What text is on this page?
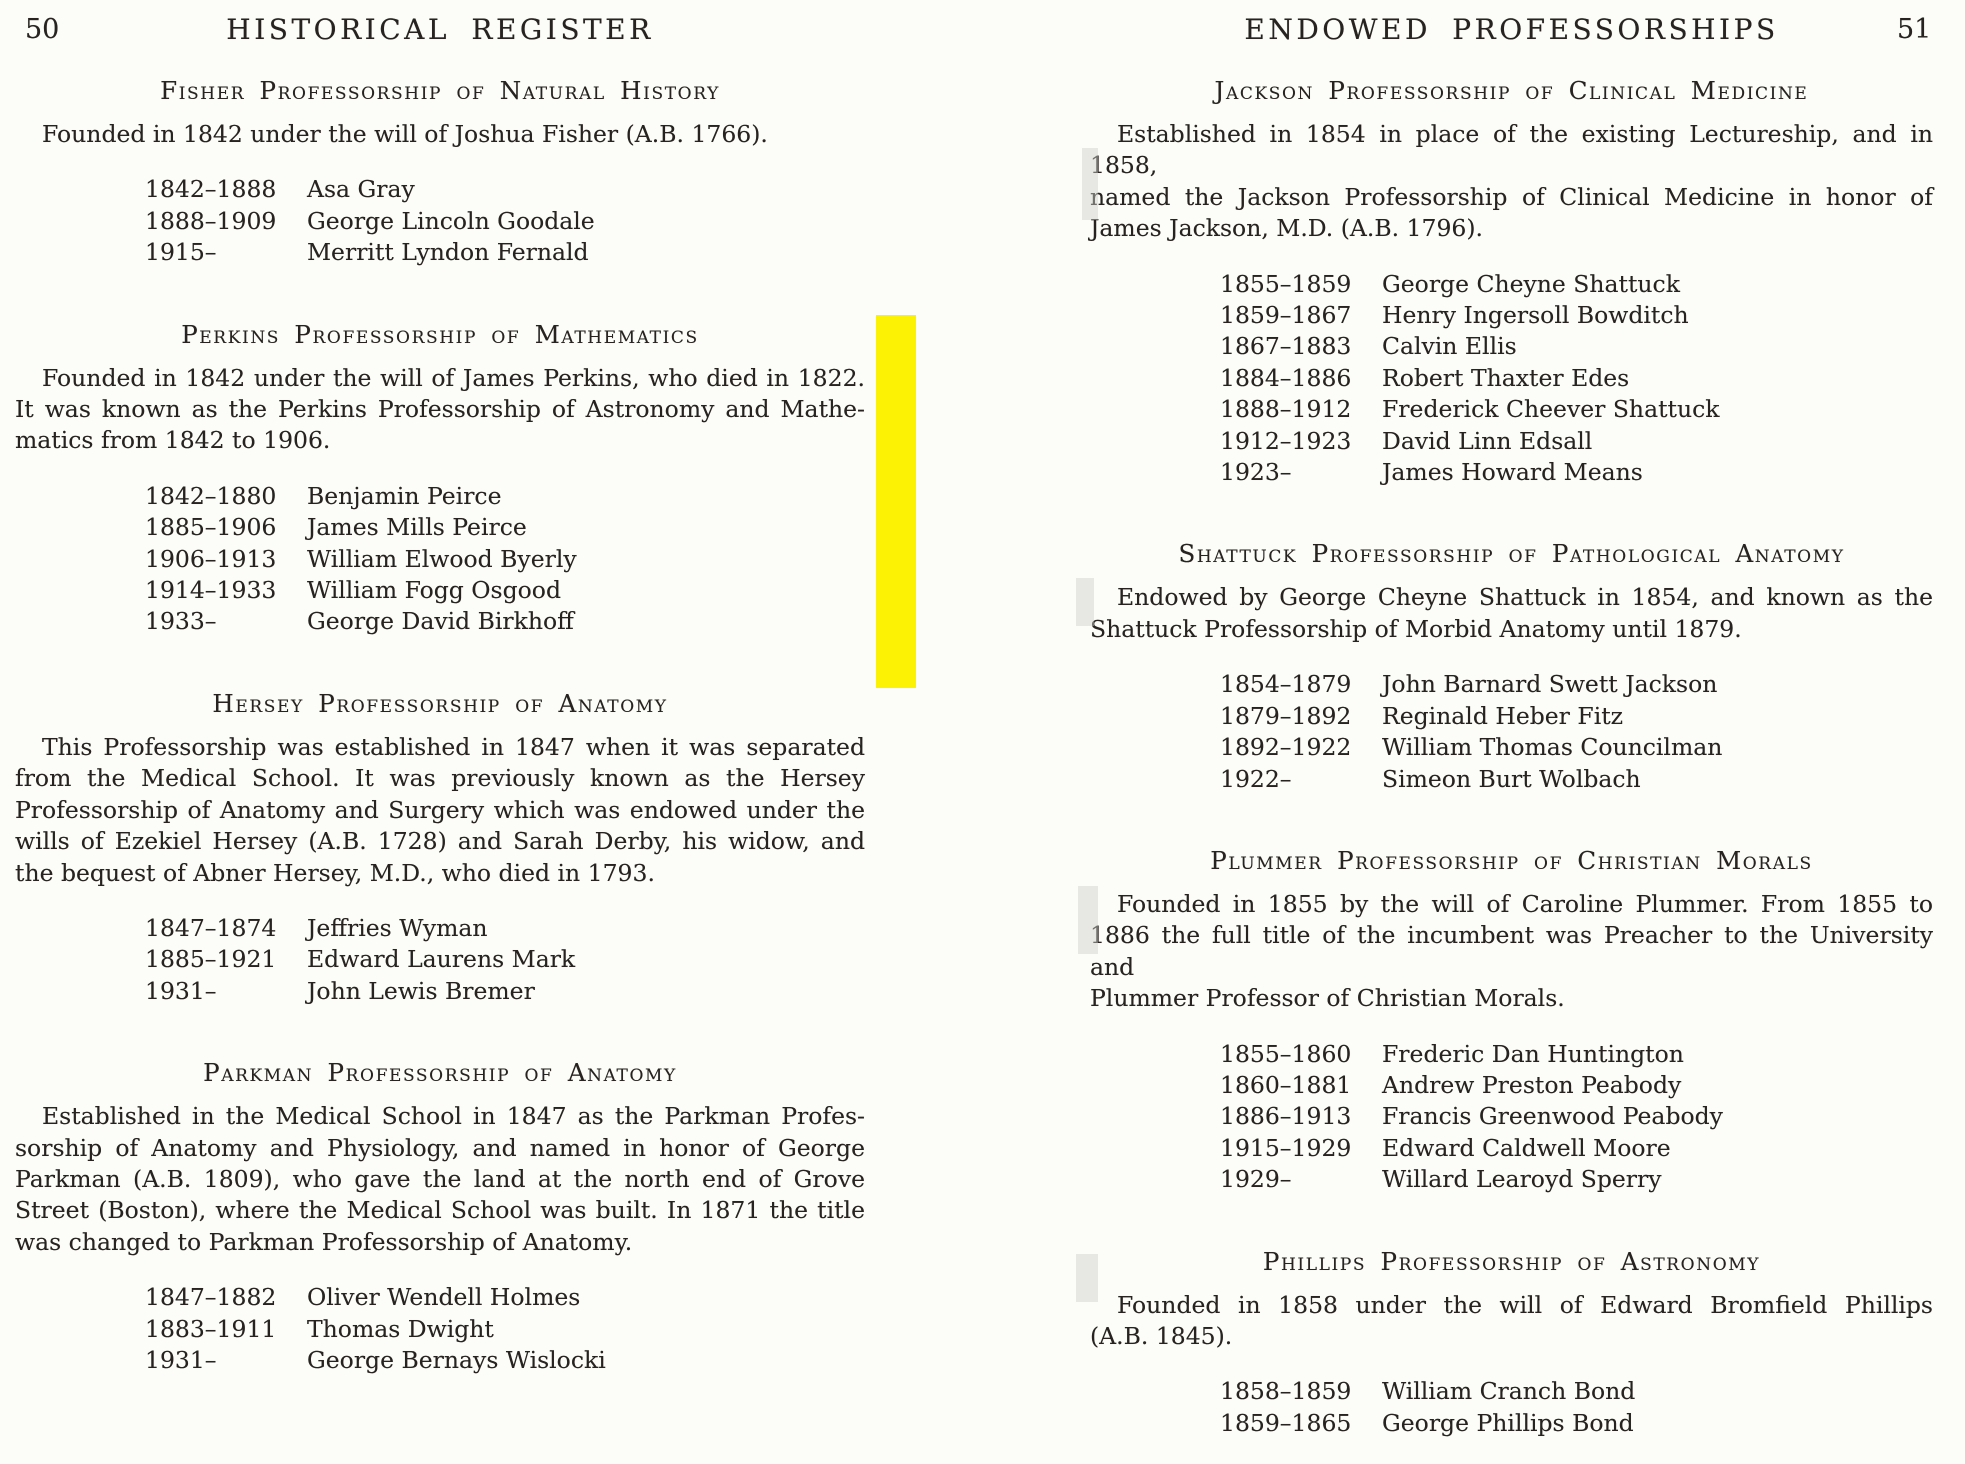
50	51
HISTORICAL REGISTER
Fisher Professorship of Natural History
Founded in 1842 under the will of Joshua Fisher (A.B. 1766).
1842–1888	Asa Gray
1888–1909	George Lincoln Goodale
1915–	Merritt Lyndon Fernald
Perkins Professorship of Mathematics
Founded in 1842 under the will of James Perkins, who died in 1822.
It was known as the Perkins Professorship of Astronomy and Mathe-
matics from 1842 to 1906.
1842–1880	Benjamin Peirce
1885–1906	James Mills Peirce
1906–1913	William Elwood Byerly
1914–1933	William Fogg Osgood
1933–	George David Birkhoff
Hersey Professorship of Anatomy
This Professorship was established in 1847 when it was separated
from the Medical School. It was previously known as the Hersey
Professorship of Anatomy and Surgery which was endowed under the
wills of Ezekiel Hersey (A.B. 1728) and Sarah Derby, his widow, and
the bequest of Abner Hersey, M.D., who died in 1793.
1847–1874	Jeffries Wyman
1885–1921	Edward Laurens Mark
1931–	John Lewis Bremer
Parkman Professorship of Anatomy
Established in the Medical School in 1847 as the Parkman Profes-
sorship of Anatomy and Physiology, and named in honor of George
Parkman (A.B. 1809), who gave the land at the north end of Grove
Street (Boston), where the Medical School was built. In 1871 the title
was changed to Parkman Professorship of Anatomy.
1847–1882	Oliver Wendell Holmes
1883–1911	Thomas Dwight
1931–	George Bernays Wislocki
ENDOWED PROFESSORSHIPS
Jackson Professorship of Clinical Medicine
Established in 1854 in place of the existing Lectureship, and in 1858,
named the Jackson Professorship of Clinical Medicine in honor of
James Jackson, M.D. (A.B. 1796).
1855–1859	George Cheyne Shattuck
1859–1867	Henry Ingersoll Bowditch
1867–1883	Calvin Ellis
1884–1886	Robert Thaxter Edes
1888–1912	Frederick Cheever Shattuck
1912–1923	David Linn Edsall
1923–	James Howard Means
Shattuck Professorship of Pathological Anatomy
Endowed by George Cheyne Shattuck in 1854, and known as the
Shattuck Professorship of Morbid Anatomy until 1879.
1854–1879	John Barnard Swett Jackson
1879–1892	Reginald Heber Fitz
1892–1922	William Thomas Councilman
1922–	Simeon Burt Wolbach
Plummer Professorship of Christian Morals
Founded in 1855 by the will of Caroline Plummer. From 1855 to
1886 the full title of the incumbent was Preacher to the University and
Plummer Professor of Christian Morals.
1855–1860	Frederic Dan Huntington
1860–1881	Andrew Preston Peabody
1886–1913	Francis Greenwood Peabody
1915–1929	Edward Caldwell Moore
1929–	Willard Learoyd Sperry
Phillips Professorship of Astronomy
Founded in 1858 under the will of Edward Bromfield Phillips
(A.B. 1845).
1858–1859	William Cranch Bond
1859–1865	George Phillips Bond
